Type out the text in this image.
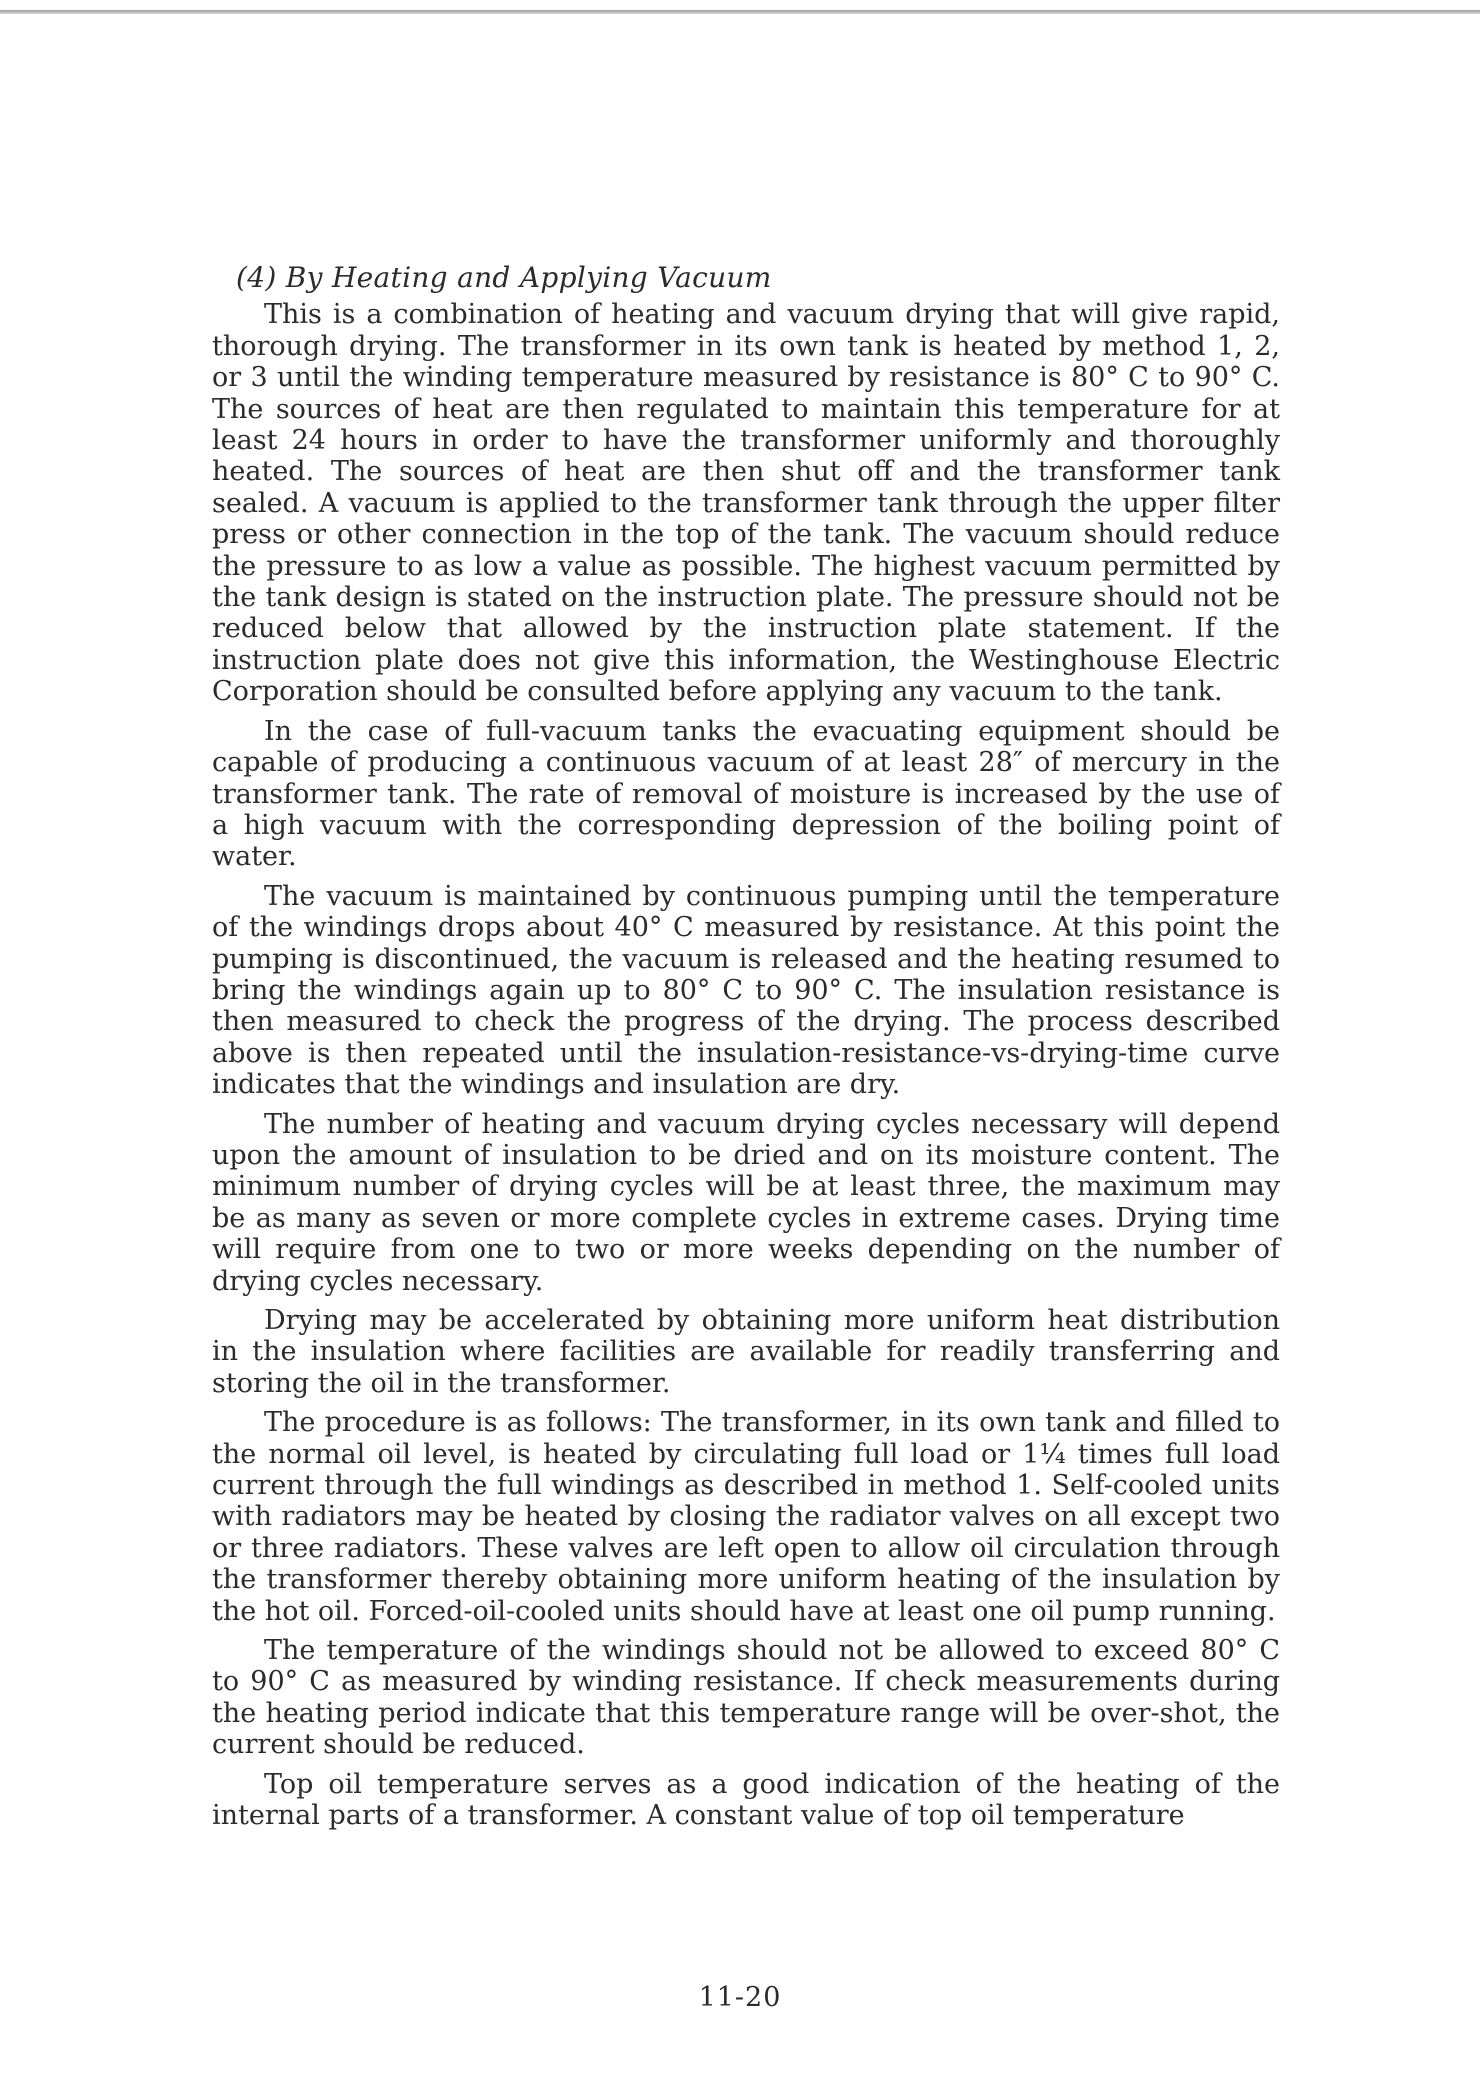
(4) By Heating and Applying Vacuum

This is a combination of heating and vacuum drying that will give rapid, thorough drying. The transformer in its own tank is heated by method 1, 2, or 3 until the winding temperature measured by resistance is 80° C to 90° C. The sources of heat are then regulated to maintain this temperature for at least 24 hours in order to have the transformer uniformly and thoroughly heated. The sources of heat are then shut off and the transformer tank sealed. A vacuum is applied to the transformer tank through the upper filter press or other connection in the top of the tank. The vacuum should reduce the pressure to as low a value as possible. The highest vacuum permitted by the tank design is stated on the instruction plate. The pressure should not be reduced below that allowed by the instruction plate statement. If the instruction plate does not give this information, the Westinghouse Electric Corporation should be consulted before applying any vacuum to the tank.

In the case of full-vacuum tanks the evacuating equipment should be capable of producing a continuous vacuum of at least 28″ of mercury in the transformer tank. The rate of removal of moisture is increased by the use of a high vacuum with the corresponding depression of the boiling point of water.

The vacuum is maintained by continuous pumping until the temperature of the windings drops about 40° C measured by resistance. At this point the pumping is discontinued, the vacuum is released and the heating resumed to bring the windings again up to 80° C to 90° C. The insulation resistance is then measured to check the progress of the drying. The process described above is then repeated until the insulation-resistance-vs-drying-time curve indicates that the windings and insulation are dry.

The number of heating and vacuum drying cycles necessary will depend upon the amount of insulation to be dried and on its moisture content. The minimum number of drying cycles will be at least three, the maximum may be as many as seven or more complete cycles in extreme cases. Drying time will require from one to two or more weeks depending on the number of drying cycles necessary.

Drying may be accelerated by obtaining more uniform heat distribution in the insulation where facilities are available for readily transferring and storing the oil in the transformer.

The procedure is as follows: The transformer, in its own tank and filled to the normal oil level, is heated by circulating full load or 1¼ times full load current through the full windings as described in method 1. Self-cooled units with radiators may be heated by closing the radiator valves on all except two or three radiators. These valves are left open to allow oil circulation through the transformer thereby obtaining more uniform heating of the insulation by the hot oil. Forced-oil-cooled units should have at least one oil pump running.

The temperature of the windings should not be allowed to exceed 80° C to 90° C as measured by winding resistance. If check measurements during the heating period indicate that this temperature range will be over-shot, the current should be reduced.

Top oil temperature serves as a good indication of the heating of the internal parts of a transformer. A constant value of top oil temperature

11-20
